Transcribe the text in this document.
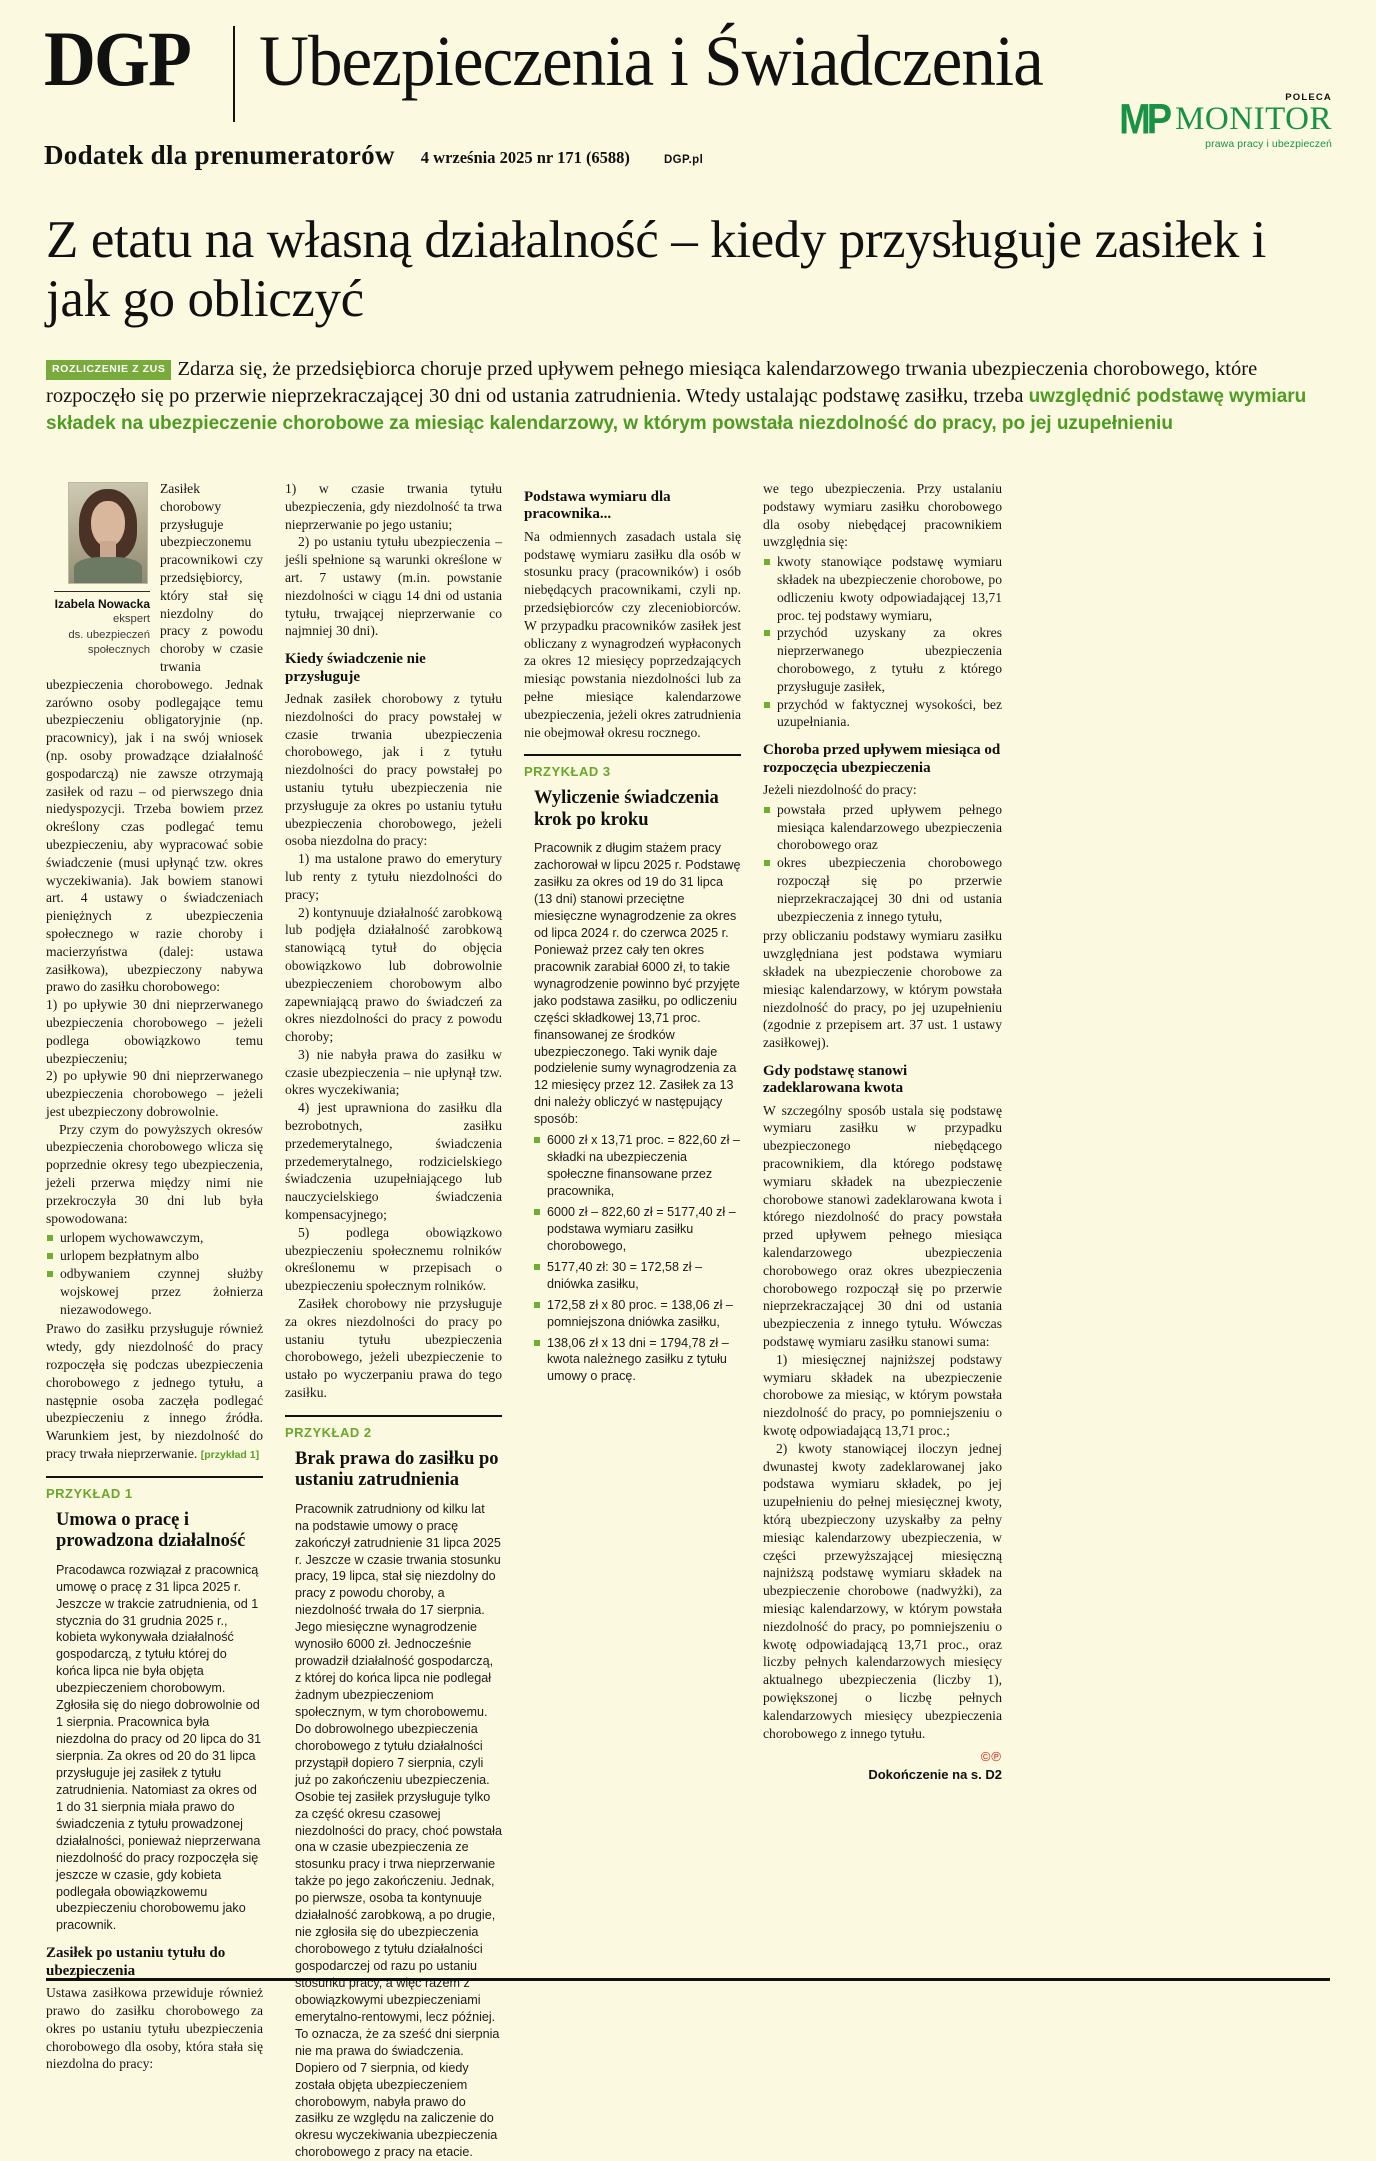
DGP Ubezpieczenia i Świadczenia
Dodatek dla prenumeratorów 4 września 2025 nr 171 (6588)	DGP.pl
POLECA
MP MONITOR
prawa pracy i ubezpieczeń
Z etatu na własną działalność – kiedy przysługuje zasiłek i jak go obliczyć
ROZLICZENIE Z ZUS Zdarza się, że przedsiębiorca choruje przed upływem pełnego miesiąca kalendarzowego trwania ubezpieczenia chorobowego, które rozpoczęło się po przerwie nieprzekraczającej 30 dni od ustania zatrudnienia. Wtedy ustalając podstawę zasiłku, trzeba uwzględnić podstawę wymiaru składek na ubezpieczenie chorobowe za miesiąc kalendarzowy, w którym powstała niezdolność do pracy, po jej uzupełnieniu
Izabela Nowacka
ekspert
ds. ubezpieczeń
społecznych

Zasiłek chorobowy przysługuje ubezpieczonemu pracownikowi czy przedsiębiorcy, który stał się niezdolny do pracy z powodu choroby w czasie trwania ubezpieczenia chorobowego. Jednak zarówno osoby podlegające temu ubezpieczeniu obligatoryjnie (np. pracownicy), jak i na swój wniosek (np. osoby prowadzące działalność gospodarczą) nie zawsze otrzymają zasiłek od razu – od pierwszego dnia niedyspozycji. Trzeba bowiem przez określony czas podlegać temu ubezpieczeniu, aby wypracować sobie świadczenie (musi upłynąć tzw. okres wyczekiwania). Jak bowiem stanowi art. 4 ustawy o świadczeniach pieniężnych z ubezpieczenia społecznego w razie choroby i macierzyństwa (dalej: ustawa zasiłkowa), ubezpieczony nabywa prawo do zasiłku chorobowego:

1) po upływie 30 dni nieprzerwanego ubezpieczenia chorobowego – jeżeli podlega obowiązkowo temu ubezpieczeniu;

2) po upływie 90 dni nieprzerwanego ubezpieczenia chorobowego – jeżeli jest ubezpieczony dobrowolnie.

Przy czym do powyższych okresów ubezpieczenia chorobowego wlicza się poprzednie okresy tego ubezpieczenia, jeżeli przerwa między nimi nie przekroczyła 30 dni lub była spowodowana:

urlopem wychowawczym,
urlopem bezpłatnym albo
odbywaniem czynnej służby wojskowej przez żołnierza niezawodowego.

Prawo do zasiłku przysługuje również wtedy, gdy niezdolność do pracy rozpoczęła się podczas ubezpieczenia chorobowego z jednego tytułu, a następnie osoba zaczęła podlegać ubezpieczeniu z innego źródła. Warunkiem jest, by niezdolność do pracy trwała nieprzerwanie. [przykład 1]

PRZYKŁAD 1
Umowa o pracę i prowadzona działalność

Pracodawca rozwiązał z pracownicą umowę o pracę z 31 lipca 2025 r. Jeszcze w trakcie zatrudnienia, od 1 stycznia do 31 grudnia 2025 r., kobieta wykonywała działalność gospodarczą, z tytułu której do końca lipca nie była objęta ubezpieczeniem chorobowym. Zgłosiła się do niego dobrowolnie od 1 sierpnia. Pracownica była niezdolna do pracy od 20 lipca do 31 sierpnia. Za okres od 20 do 31 lipca przysługuje jej zasiłek z tytułu zatrudnienia. Natomiast za okres od 1 do 31 sierpnia miała prawo do świadczenia z tytułu prowadzonej działalności, ponieważ nieprzerwana niezdolność do pracy rozpoczęła się jeszcze w czasie, gdy kobieta podlegała obowiązkowemu ubezpieczeniu chorobowemu jako pracownik.

Zasiłek po ustaniu tytułu do ubezpieczenia

Ustawa zasiłkowa przewiduje również prawo do zasiłku chorobowego za okres po ustaniu tytułu ubezpieczenia chorobowego dla osoby, która stała się niezdolna do pracy:

1) w czasie trwania tytułu ubezpieczenia, gdy niezdolność ta trwa nieprzerwanie po jego ustaniu;

2) po ustaniu tytułu ubezpieczenia – jeśli spełnione są warunki określone w art. 7 ustawy (m.in. powstanie niezdolności w ciągu 14 dni od ustania tytułu, trwającej nieprzerwanie co najmniej 30 dni).

Kiedy świadczenie nie przysługuje

Jednak zasiłek chorobowy z tytułu niezdolności do pracy powstałej w czasie trwania ubezpieczenia chorobowego, jak i z tytułu niezdolności do pracy powstałej po ustaniu tytułu ubezpieczenia nie przysługuje za okres po ustaniu tytułu ubezpieczenia chorobowego, jeżeli osoba niezdolna do pracy:

1) ma ustalone prawo do emerytury lub renty z tytułu niezdolności do pracy;

2) kontynuuje działalność zarobkową lub podjęła działalność zarobkową stanowiącą tytuł do objęcia obowiązkowo lub dobrowolnie ubezpieczeniem chorobowym albo zapewniającą prawo do świadczeń za okres niezdolności do pracy z powodu choroby;

3) nie nabyła prawa do zasiłku w czasie ubezpieczenia – nie upłynął tzw. okres wyczekiwania;

4) jest uprawniona do zasiłku dla bezrobotnych, zasiłku przedemerytalnego, świadczenia przedemerytalnego, rodzicielskiego świadczenia uzupełniającego lub nauczycielskiego świadczenia kompensacyjnego;

5) podlega obowiązkowo ubezpieczeniu społecznemu rolników określonemu w przepisach o ubezpieczeniu społecznym rolników.

Zasiłek chorobowy nie przysługuje za okres niezdolności do pracy po ustaniu tytułu ubezpieczenia chorobowego, jeżeli ubezpieczenie to ustało po wyczerpaniu prawa do tego zasiłku.

PRZYKŁAD 2
Brak prawa do zasiłku po ustaniu zatrudnienia

Pracownik zatrudniony od kilku lat na podstawie umowy o pracę zakończył zatrudnienie 31 lipca 2025 r. Jeszcze w czasie trwania stosunku pracy, 19 lipca, stał się niezdolny do pracy z powodu choroby, a niezdolność trwała do 17 sierpnia. Jego miesięczne wynagrodzenie wynosiło 6000 zł. Jednocześnie prowadził działalność gospodarczą, z której do końca lipca nie podlegał żadnym ubezpieczeniom społecznym, w tym chorobowemu. Do dobrowolnego ubezpieczenia chorobowego z tytułu działalności przystąpił dopiero 7 sierpnia, czyli już po zakończeniu ubezpieczenia. Osobie tej zasiłek przysługuje tylko za część okresu czasowej niezdolności do pracy, choć powstała ona w czasie ubezpieczenia ze stosunku pracy i trwa nieprzerwanie także po jego zakończeniu. Jednak, po pierwsze, osoba ta kontynuuje działalność zarobkową, a po drugie, nie zgłosiła się do ubezpieczenia chorobowego z tytułu działalności gospodarczej od razu po ustaniu stosunku pracy, a więc razem z obowiązkowymi ubezpieczeniami emerytalno-rentowymi, lecz później. To oznacza, że za sześć dni sierpnia nie ma prawa do świadczenia. Dopiero od 7 sierpnia, od kiedy została objęta ubezpieczeniem chorobowym, nabyła prawo do zasiłku ze względu na zaliczenie do okresu wyczekiwania ubezpieczenia chorobowego z pracy na etacie.

Podstawa wymiaru dla pracownika...

Na odmiennych zasadach ustala się podstawę wymiaru zasiłku dla osób w stosunku pracy (pracowników) i osób niebędących pracownikami, czyli np. przedsiębiorców czy zleceniobiorców. W przypadku pracowników zasiłek jest obliczany z wynagrodzeń wypłaconych za okres 12 miesięcy poprzedzających miesiąc powstania niezdolności lub za pełne miesiące kalendarzowe ubezpieczenia, jeżeli okres zatrudnienia nie obejmował okresu rocznego.

PRZYKŁAD 3
Wyliczenie świadczenia krok po kroku

Pracownik z długim stażem pracy zachorował w lipcu 2025 r. Podstawę zasiłku za okres od 19 do 31 lipca (13 dni) stanowi przeciętne miesięczne wynagrodzenie za okres od lipca 2024 r. do czerwca 2025 r. Ponieważ przez cały ten okres pracownik zarabiał 6000 zł, to takie wynagrodzenie powinno być przyjęte jako podstawa zasiłku, po odliczeniu części składkowej 13,71 proc. finansowanej ze środków ubezpieczonego. Taki wynik daje podzielenie sumy wynagrodzenia za 12 miesięcy przez 12. Zasiłek za 13 dni należy obliczyć w następujący sposób:

6000 zł x 13,71 proc. = 822,60 zł – składki na ubezpieczenia społeczne finansowane przez pracownika,
6000 zł – 822,60 zł = 5177,40 zł – podstawa wymiaru zasiłku chorobowego,
5177,40 zł: 30 = 172,58 zł – dniówka zasiłku,
172,58 zł x 80 proc. = 138,06 zł – pomniejszona dniówka zasiłku,
138,06 zł x 13 dni = 1794,78 zł – kwota należnego zasiłku z tytułu umowy o pracę.

we tego ubezpieczenia. Przy ustalaniu podstawy wymiaru zasiłku chorobowego dla osoby niebędącej pracownikiem uwzględnia się:

kwoty stanowiące podstawę wymiaru składek na ubezpieczenie chorobowe, po odliczeniu kwoty odpowiadającej 13,71 proc. tej podstawy wymiaru,
przychód uzyskany za okres nieprzerwanego ubezpieczenia chorobowego, z tytułu z którego przysługuje zasiłek,
przychód w faktycznej wysokości, bez uzupełniania.
Choroba przed upływem miesiąca od rozpoczęcia ubezpieczenia

Jeżeli niezdolność do pracy:

powstała przed upływem pełnego miesiąca kalendarzowego ubezpieczenia chorobowego oraz
okres ubezpieczenia chorobowego rozpoczął się po przerwie nieprzekraczającej 30 dni od ustania ubezpieczenia z innego tytułu,

przy obliczaniu podstawy wymiaru zasiłku uwzględniana jest podstawa wymiaru składek na ubezpieczenie chorobowe za miesiąc kalendarzowy, w którym powstała niezdolność do pracy, po jej uzupełnieniu (zgodnie z przepisem art. 37 ust. 1 ustawy zasiłkowej).

Gdy podstawę stanowi zadeklarowana kwota

W szczególny sposób ustala się podstawę wymiaru zasiłku w przypadku ubezpieczonego niebędącego pracownikiem, dla którego podstawę wymiaru składek na ubezpieczenie chorobowe stanowi zadeklarowana kwota i którego niezdolność do pracy powstała przed upływem pełnego miesiąca kalendarzowego ubezpieczenia chorobowego oraz okres ubezpieczenia chorobowego rozpoczął się po przerwie nieprzekraczającej 30 dni od ustania ubezpieczenia z innego tytułu. Wówczas podstawę wymiaru zasiłku stanowi suma:

1) miesięcznej najniższej podstawy wymiaru składek na ubezpieczenie chorobowe za miesiąc, w którym powstała niezdolność do pracy, po pomniejszeniu o kwotę odpowiadającą 13,71 proc.;

2) kwoty stanowiącej iloczyn jednej dwunastej kwoty zadeklarowanej jako podstawa wymiaru składek, po jej uzupełnieniu do pełnej miesięcznej kwoty, którą ubezpieczony uzyskałby za pełny miesiąc kalendarzowy ubezpieczenia, w części przewyższającej miesięczną najniższą podstawę wymiaru składek na ubezpieczenie chorobowe (nadwyżki), za miesiąc kalendarzowy, w którym powstała niezdolność do pracy, po pomniejszeniu o kwotę odpowiadającą 13,71 proc., oraz liczby pełnych kalendarzowych miesięcy aktualnego ubezpieczenia (liczby 1), powiększonej o liczbę pełnych kalendarzowych miesięcy ubezpieczenia chorobowego z innego tytułu.

©℗
Dokończenie na s. D2
